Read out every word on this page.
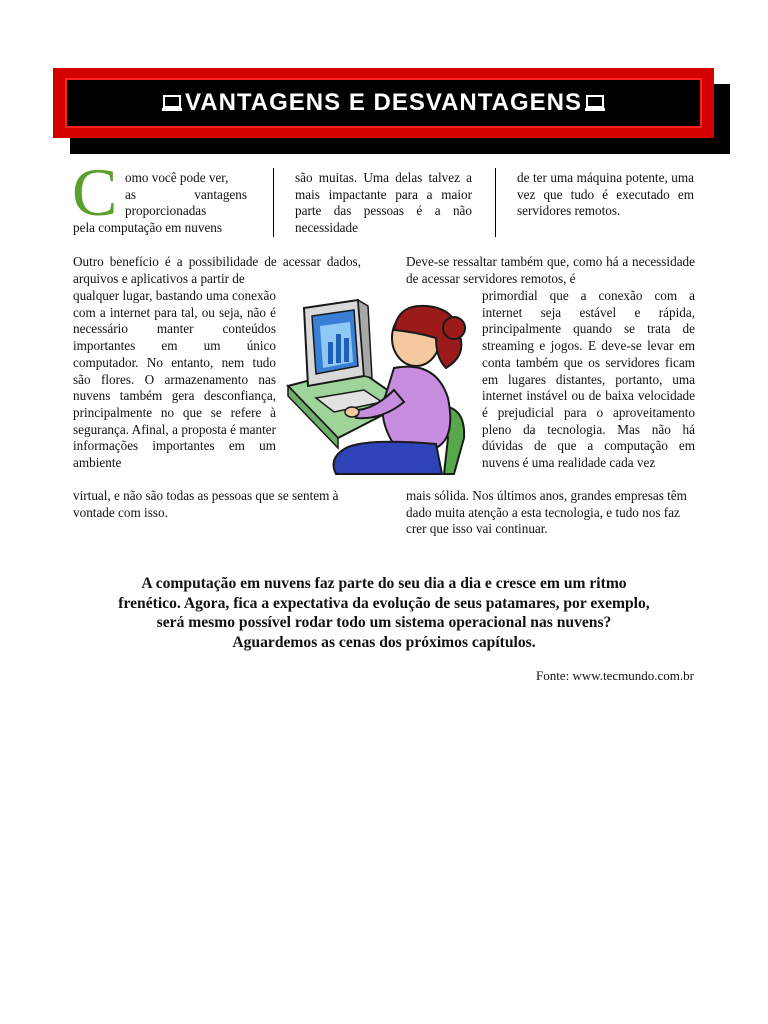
VANTAGENS E DESVANTAGENS
C omo você pode ver,

as vantagens

proporcionadas

pela computação em nuvens
são muitas. Uma delas talvez a mais impactante para a maior parte das pessoas é a não necessidade
de ter uma máquina potente, uma vez que tudo é executado em servidores remotos.
Outro benefício é a possibilidade de acessar dados, arquivos e aplicativos a partir de
qualquer lugar, bastando uma conexão com a internet para tal, ou seja, não é necessário manter conteúdos importantes em um único computador. No entanto, nem tudo são flores. O armazenamento nas nuvens também gera desconfiança, principalmente no que se refere à segurança. Afinal, a proposta é manter informações importantes em um ambiente
virtual, e não são todas as pessoas que se sentem à vontade com isso.
Deve-se ressaltar também que, como há a necessidade de acessar servidores remotos, é
primordial que a conexão com a internet seja estável e rápida, principalmente quando se trata de streaming e jogos. E deve-se levar em conta também que os servidores ficam em lugares distantes, portanto, uma internet instável ou de baixa velocidade é prejudicial para o aproveitamento pleno da tecnologia. Mas não há dúvidas de que a computação em nuvens é uma realidade cada vez
mais sólida. Nos últimos anos, grandes empresas têm dado muita atenção a esta tecnologia, e tudo nos faz crer que isso vai continuar.

A computação em nuvens faz parte do seu dia a dia e cresce em um ritmo

frenético. Agora, fica a expectativa da evolução de seus patamares, por exemplo,

será mesmo possível rodar todo um sistema operacional nas nuvens?

Aguardemos as cenas dos próximos capítulos.

Fonte: www.tecmundo.com.br
